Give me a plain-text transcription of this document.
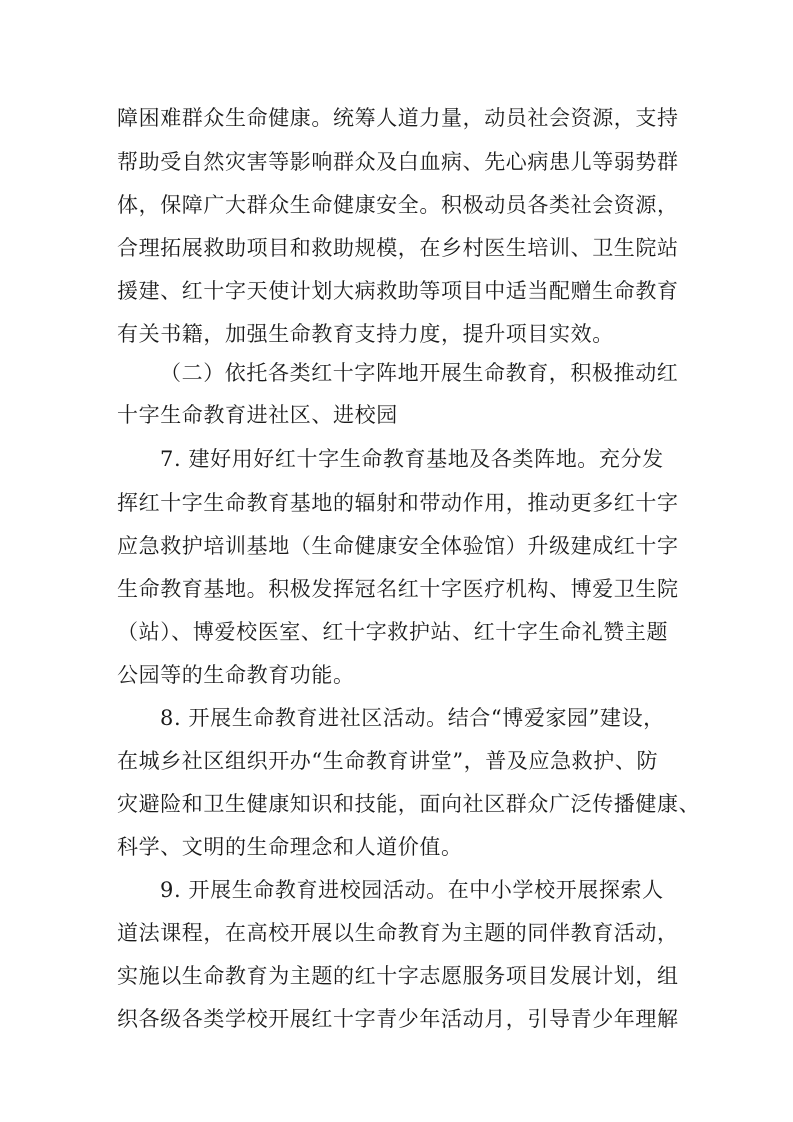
障困难群众生命健康。统筹人道力量，动员社会资源，支持
帮助受自然灾害等影响群众及白血病、先心病患儿等弱势群
体，保障广大群众生命健康安全。积极动员各类社会资源，
合理拓展救助项目和救助规模，在乡村医生培训、卫生院站
援建、红十字天使计划大病救助等项目中适当配赠生命教育
有关书籍，加强生命教育支持力度，提升项目实效。
（二）依托各类红十字阵地开展生命教育，积极推动红
十字生命教育进社区、进校园
7. 建好用好红十字生命教育基地及各类阵地。充分发
挥红十字生命教育基地的辐射和带动作用，推动更多红十字
应急救护培训基地（生命健康安全体验馆）升级建成红十字
生命教育基地。积极发挥冠名红十字医疗机构、博爱卫生院
（站）、博爱校医室、红十字救护站、红十字生命礼赞主题
公园等的生命教育功能。
8. 开展生命教育进社区活动。结合“博爱家园”建设，
在城乡社区组织开办“生命教育讲堂”，普及应急救护、防
灾避险和卫生健康知识和技能，面向社区群众广泛传播健康、
科学、文明的生命理念和人道价值。
9. 开展生命教育进校园活动。在中小学校开展探索人
道法课程，在高校开展以生命教育为主题的同伴教育活动，
实施以生命教育为主题的红十字志愿服务项目发展计划，组
织各级各类学校开展红十字青少年活动月，引导青少年理解
